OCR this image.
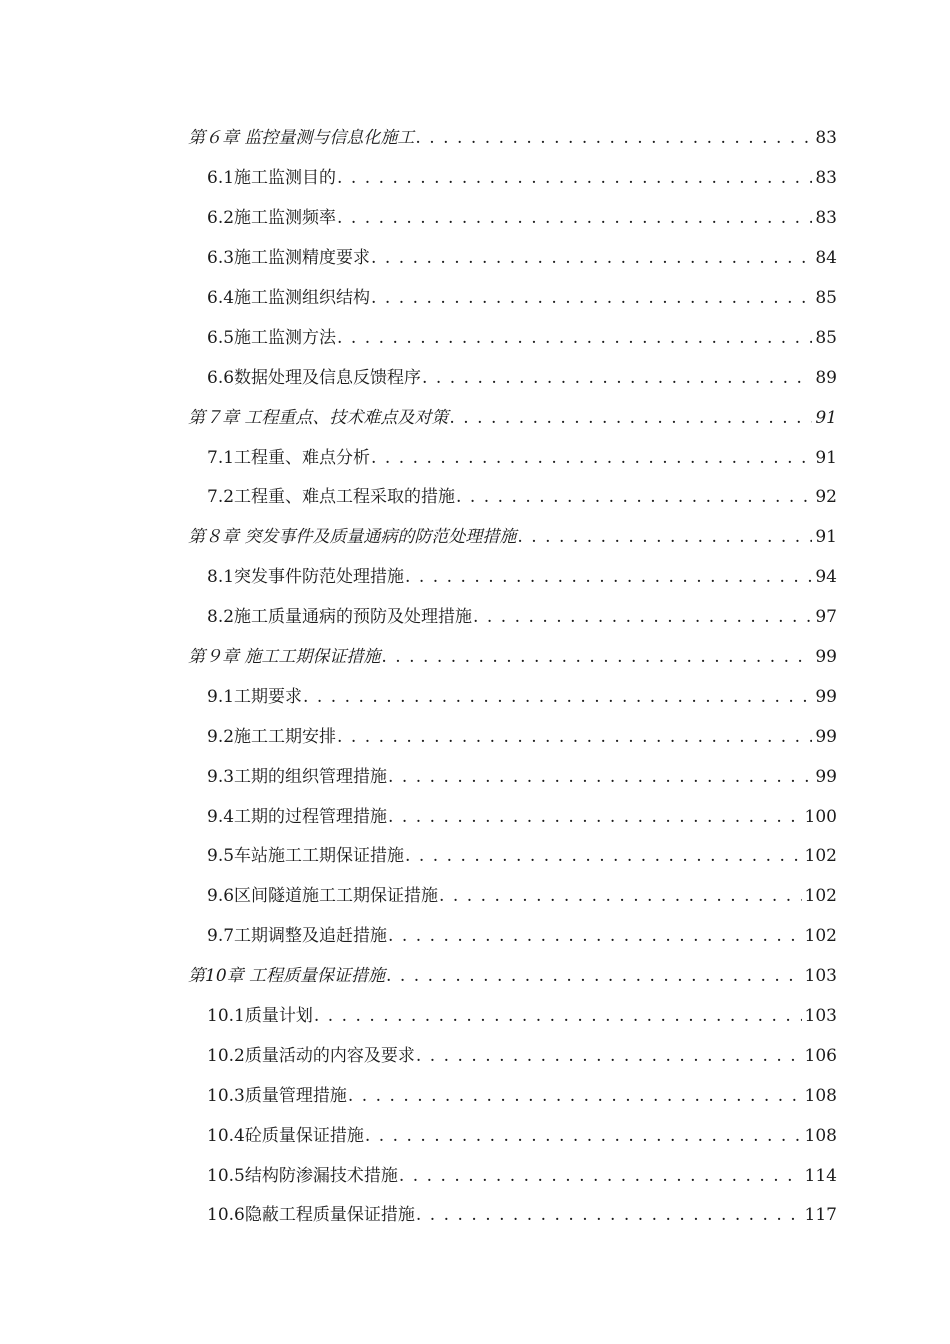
第６章 监控量测与信息化施工 . . .	83
6.1施工监测目的 . . .	83
6.2施工监测频率 . . .	83
6.3施工监测精度要求 . . .	84
6.4施工监测组织结构 . . .	85
6.5施工监测方法 . . .	85
6.6数据处理及信息反馈程序 . . .	89
第７章 工程重点、技术难点及对策 . . .	91
7.1工程重、难点分析 . . .	91
7.2工程重、难点工程采取的措施 . . .	92
第８章 突发事件及质量通病的防范处理措施 . . .	91
8.1突发事件防范处理措施 . . .	94
8.2施工质量通病的预防及处理措施 . . .	97
第９章 施工工期保证措施 . . .	99
9.1工期要求 . . .	99
9.2施工工期安排 . . .	99
9.3工期的组织管理措施 . . .	99
9.4工期的过程管理措施 . . .	100
9.5车站施工工期保证措施 . . .	102
9.6区间隧道施工工期保证措施 . . .	102
9.7工期调整及追赶措施 . . .	102
第10章 工程质量保证措施 . . .	103
10.1质量计划 . . .	103
10.2质量活动的内容及要求 . . .	106
10.3质量管理措施 . . .	108
10.4砼质量保证措施 . . .	108
10.5结构防渗漏技术措施 . . .	114
10.6隐蔽工程质量保证措施 . . .	117
